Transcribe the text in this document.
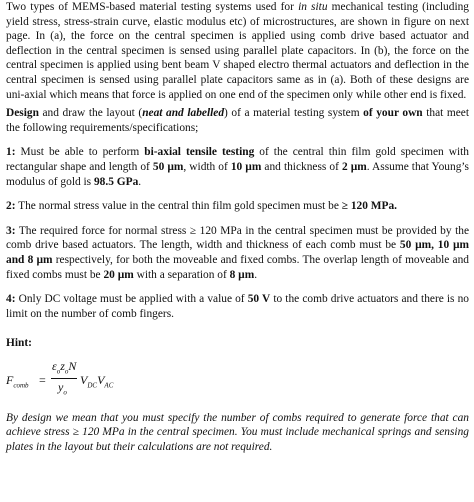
Two types of MEMS-based material testing systems used for in situ mechanical testing (including yield stress, stress-strain curve, elastic modulus etc) of microstructures, are shown in figure on next page. In (a), the force on the central specimen is applied using comb drive based actuator and deflection in the central specimen is sensed using parallel plate capacitors. In (b), the force on the central specimen is applied using bent beam V shaped electro thermal actuators and deflection in the central specimen is sensed using parallel plate capacitors same as in (a). Both of these designs are uni-axial which means that force is applied on one end of the specimen only while other end is fixed.

Design and draw the layout (neat and labelled) of a material testing system of your own that meet the following requirements/specifications;

1: Must be able to perform bi-axial tensile testing of the central thin film gold specimen with rectangular shape and length of 50 µm, width of 10 µm and thickness of 2 µm. Assume that Young’s modulus of gold is 98.5 GPa.

2: The normal stress value in the central thin film gold specimen must be ≥ 120 MPa.

3: The required force for normal stress ≥ 120 MPa in the central specimen must be provided by the comb drive based actuators. The length, width and thickness of each comb must be 50 µm, 10 µm and 8 µm respectively, for both the moveable and fixed combs. The overlap length of moveable and fixed combs must be 20 µm with a separation of 8 µm.

4: Only DC voltage must be applied with a value of 50 V to the comb drive actuators and there is no limit on the number of comb fingers.

Hint:

$F_{comb}$ =
$\varepsilon_oz_oN$
$y_o$
$V_{DC}V_{AC}$

By design we mean that you must specify the number of combs required to generate force that can achieve stress ≥ 120 MPa in the central specimen. You must include mechanical springs and sensing plates in the layout but their calculations are not required.
